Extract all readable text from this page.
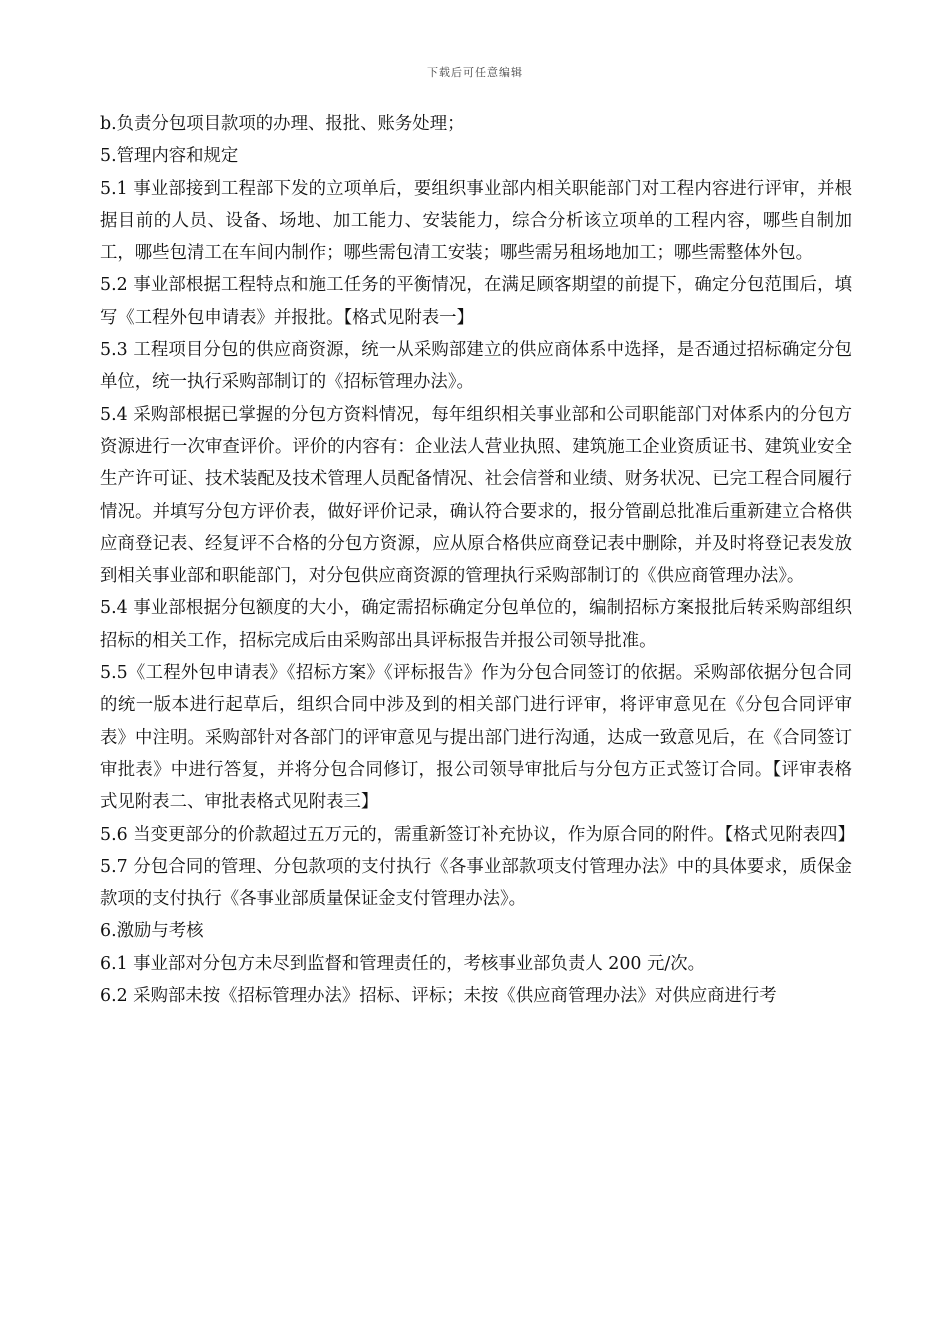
下载后可任意编辑

b.负责分包项目款项的办理、报批、账务处理；

5.管理内容和规定

5.1 事业部接到工程部下发的立项单后，要组织事业部内相关职能部门对工程内容进行评审，并根据目前的人员、设备、场地、加工能力、安装能力，综合分析该立项单的工程内容，哪些自制加工，哪些包清工在车间内制作；哪些需包清工安装；哪些需另租场地加工；哪些需整体外包。

5.2 事业部根据工程特点和施工任务的平衡情况，在满足顾客期望的前提下，确定分包范围后，填写《工程外包申请表》并报批。【格式见附表一】

5.3 工程项目分包的供应商资源，统一从采购部建立的供应商体系中选择，是否通过招标确定分包单位，统一执行采购部制订的《招标管理办法》。

5.4 采购部根据已掌握的分包方资料情况，每年组织相关事业部和公司职能部门对体系内的分包方资源进行一次审查评价。评价的内容有：企业法人营业执照、建筑施工企业资质证书、建筑业安全生产许可证、技术装配及技术管理人员配备情况、社会信誉和业绩、财务状况、已完工程合同履行情况。并填写分包方评价表，做好评价记录，确认符合要求的，报分管副总批准后重新建立合格供应商登记表、经复评不合格的分包方资源，应从原合格供应商登记表中删除，并及时将登记表发放到相关事业部和职能部门，对分包供应商资源的管理执行采购部制订的《供应商管理办法》。

5.4 事业部根据分包额度的大小，确定需招标确定分包单位的，编制招标方案报批后转采购部组织招标的相关工作，招标完成后由采购部出具评标报告并报公司领导批准。

5.5《工程外包申请表》《招标方案》《评标报告》作为分包合同签订的依据。采购部依据分包合同的统一版本进行起草后，组织合同中涉及到的相关部门进行评审，将评审意见在《分包合同评审表》中注明。采购部针对各部门的评审意见与提出部门进行沟通，达成一致意见后，在《合同签订审批表》中进行答复，并将分包合同修订，报公司领导审批后与分包方正式签订合同。【评审表格式见附表二、审批表格式见附表三】

5.6 当变更部分的价款超过五万元的，需重新签订补充协议，作为原合同的附件。【格式见附表四】

5.7 分包合同的管理、分包款项的支付执行《各事业部款项支付管理办法》中的具体要求，质保金款项的支付执行《各事业部质量保证金支付管理办法》。

6.激励与考核

6.1 事业部对分包方未尽到监督和管理责任的，考核事业部负责人 200 元/次。

6.2 采购部未按《招标管理办法》招标、评标；未按《供应商管理办法》对供应商进行考
